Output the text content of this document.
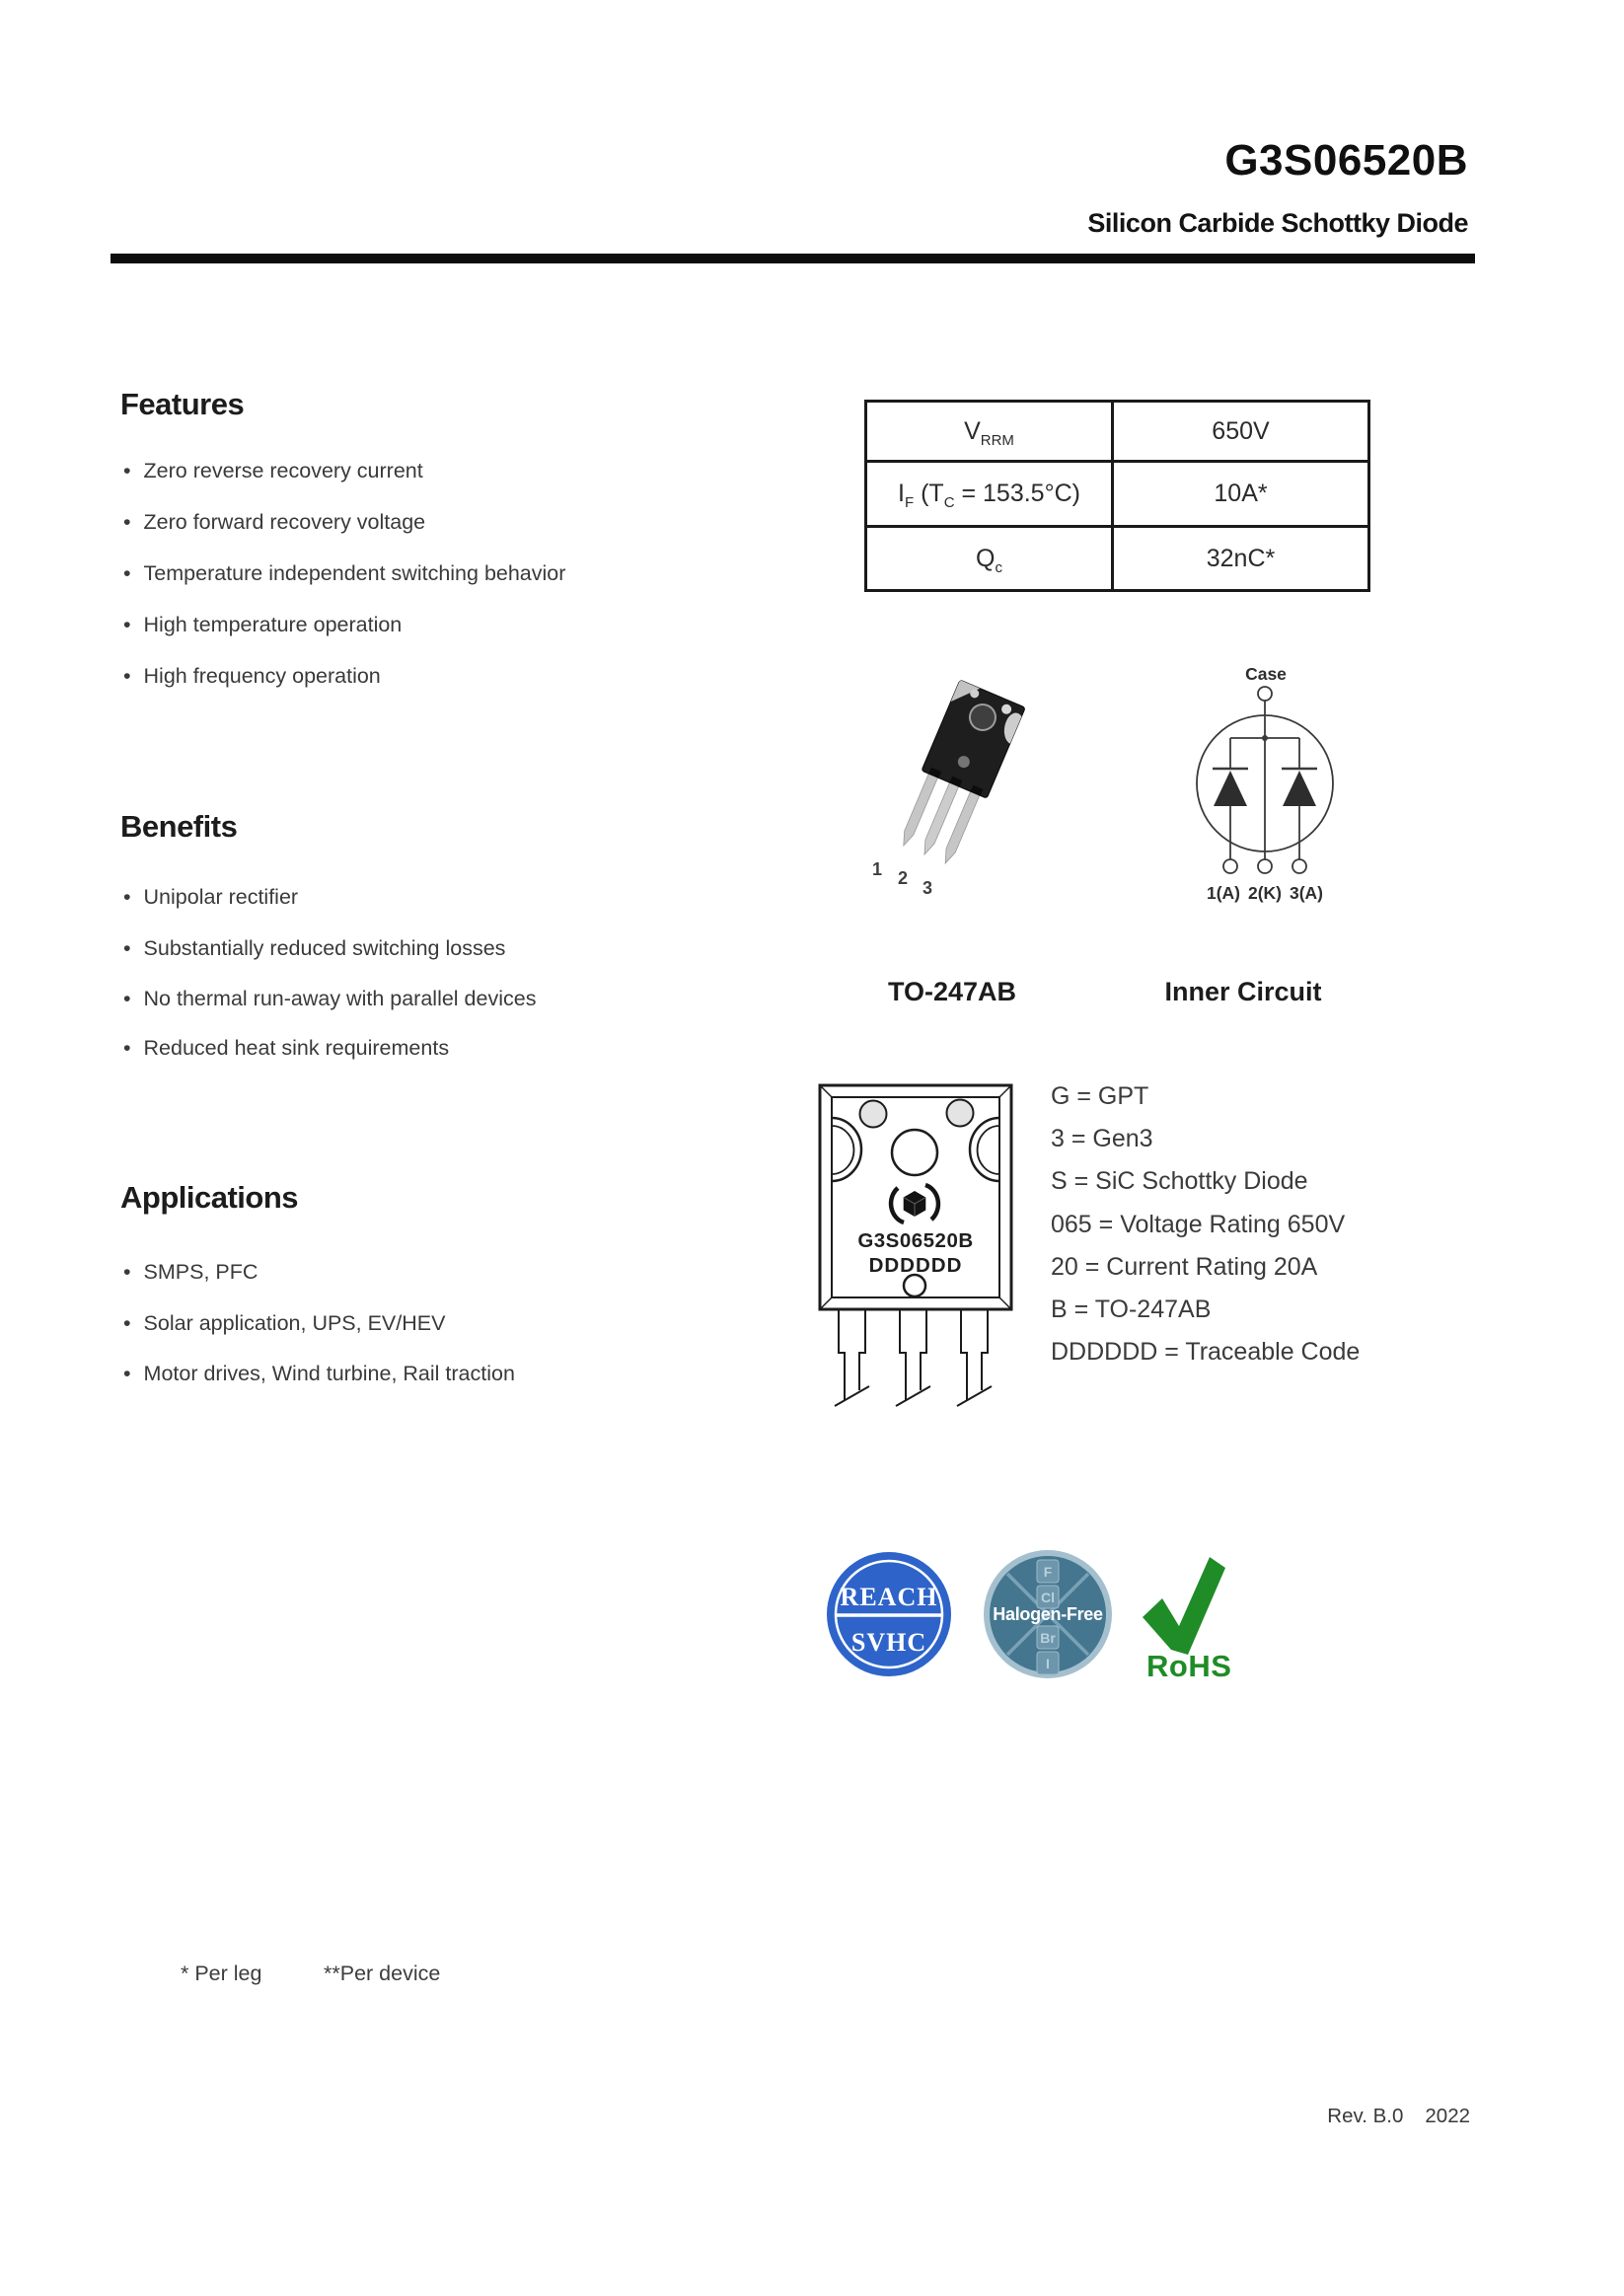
G3S06520B
Silicon Carbide Schottky Diode
Features
• Zero reverse recovery current
• Zero forward recovery voltage
• Temperature independent switching behavior
• High temperature operation
• High frequency operation
Benefits
• Unipolar rectifier
• Substantially reduced switching losses
• No thermal run-away with parallel devices
• Reduced heat sink requirements
Applications
• SMPS, PFC
• Solar application, UPS, EV/HEV
• Motor drives, Wind turbine, Rail traction
$V_{RRM}$	650V
$I_F$ $(T_C = 153.5^\circ C)$	10A*
$Q_c$	32nC*
1 2 3
TO-247AB
Case
1(A) 2(K) 3(A)
Inner Circuit
G3S06520B
DDDDDD
G = GPT
3 = Gen3
S = SiC Schottky Diode
065 = Voltage Rating 650V
20 = Current Rating 20A
B = TO-247AB
DDDDDD = Traceable Code
REACH
SVHC
F
Cl
Br
I
Halogen-Free
RoHS
* Per leg	**Per device
Rev. B.0 2022
